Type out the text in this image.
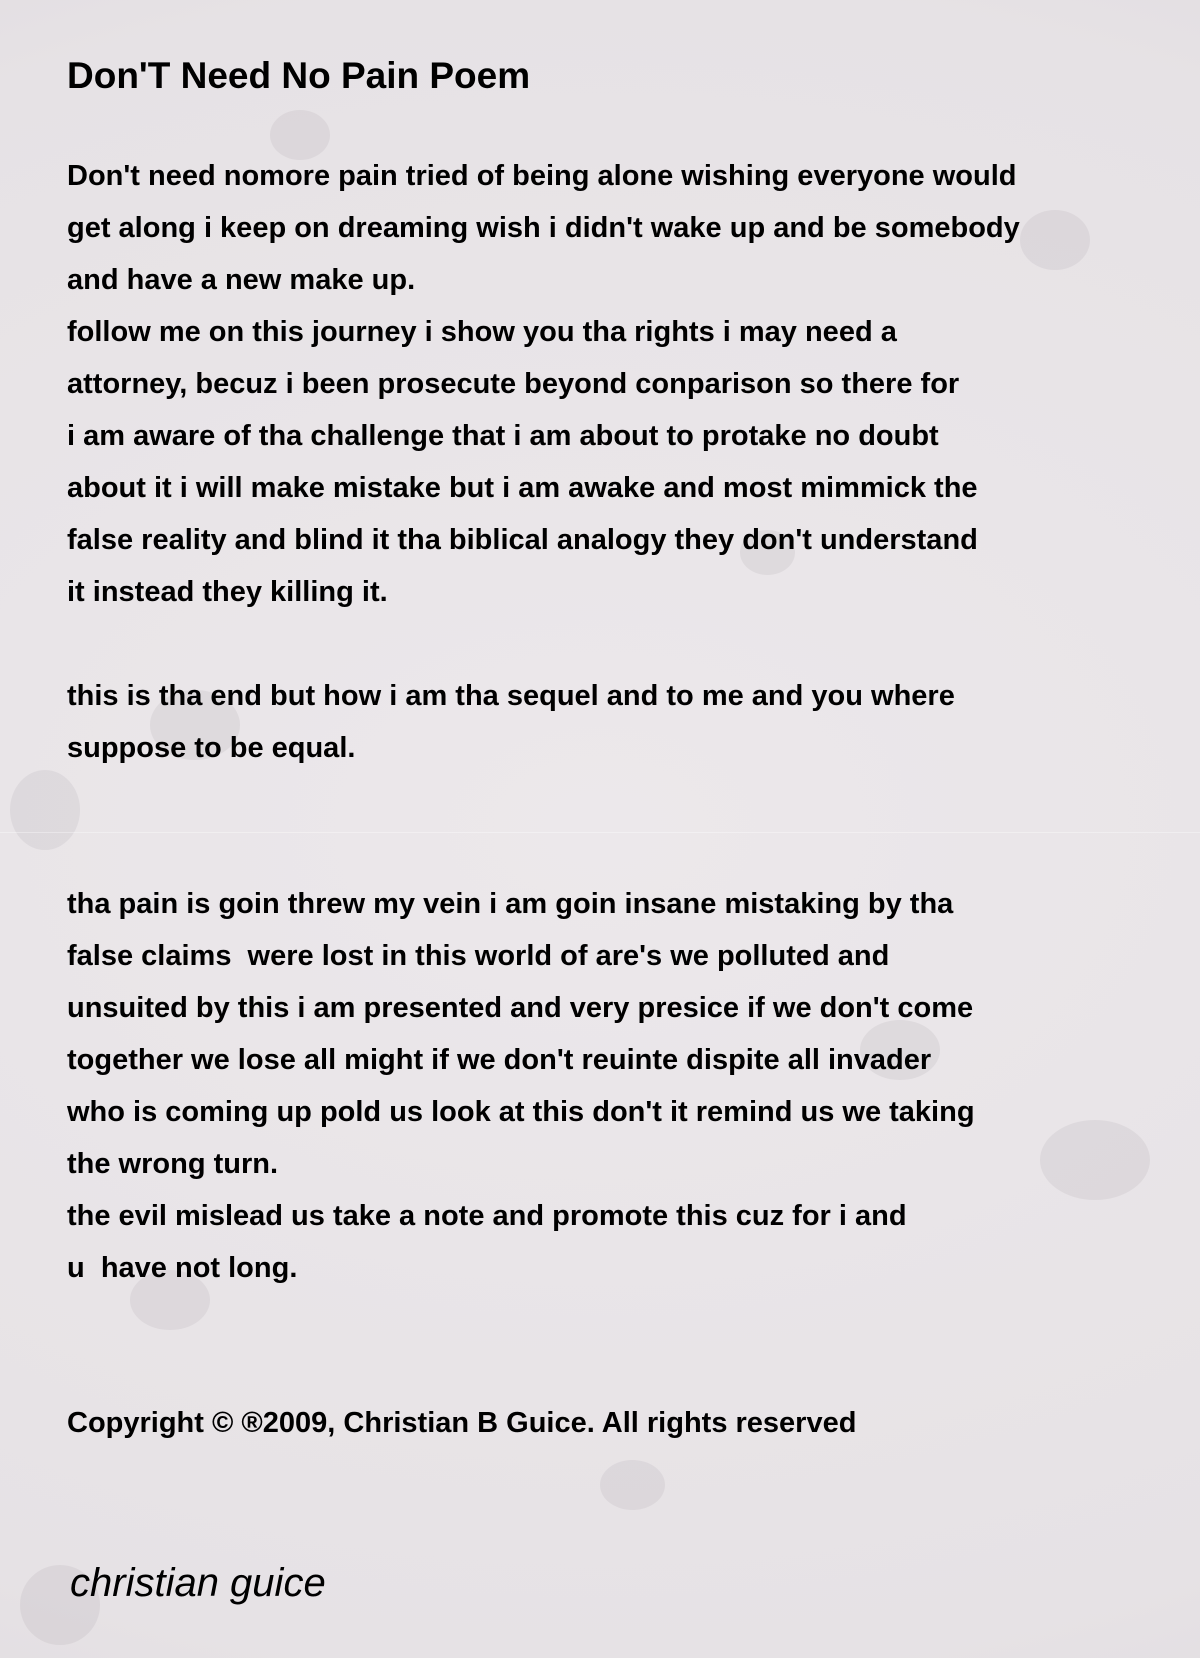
Don'T Need No Pain Poem
Don't need nomore pain tried of being alone wishing everyone would
get along i keep on dreaming wish i didn't wake up and be somebody
and have a new make up.
follow me on this journey i show you tha rights i may need a
attorney, becuz i been prosecute beyond conparison so there for
i am aware of tha challenge that i am about to protake no doubt
about it i will make mistake but i am awake and most mimmick the
false reality and blind it tha biblical analogy they don't understand
it instead they killing it.
this is tha end but how i am tha sequel and to me and you where
suppose to be equal.
tha pain is goin threw my vein i am goin insane mistaking by tha
false claims  were lost in this world of are's we polluted and
unsuited by this i am presented and very presice if we don't come
together we lose all might if we don't reuinte dispite all invader
who is coming up pold us look at this don't it remind us we taking
the wrong turn.
the evil mislead us take a note and promote this cuz for i and
u  have not long.
Copyright © ®2009, Christian B Guice. All rights reserved
christian guice
